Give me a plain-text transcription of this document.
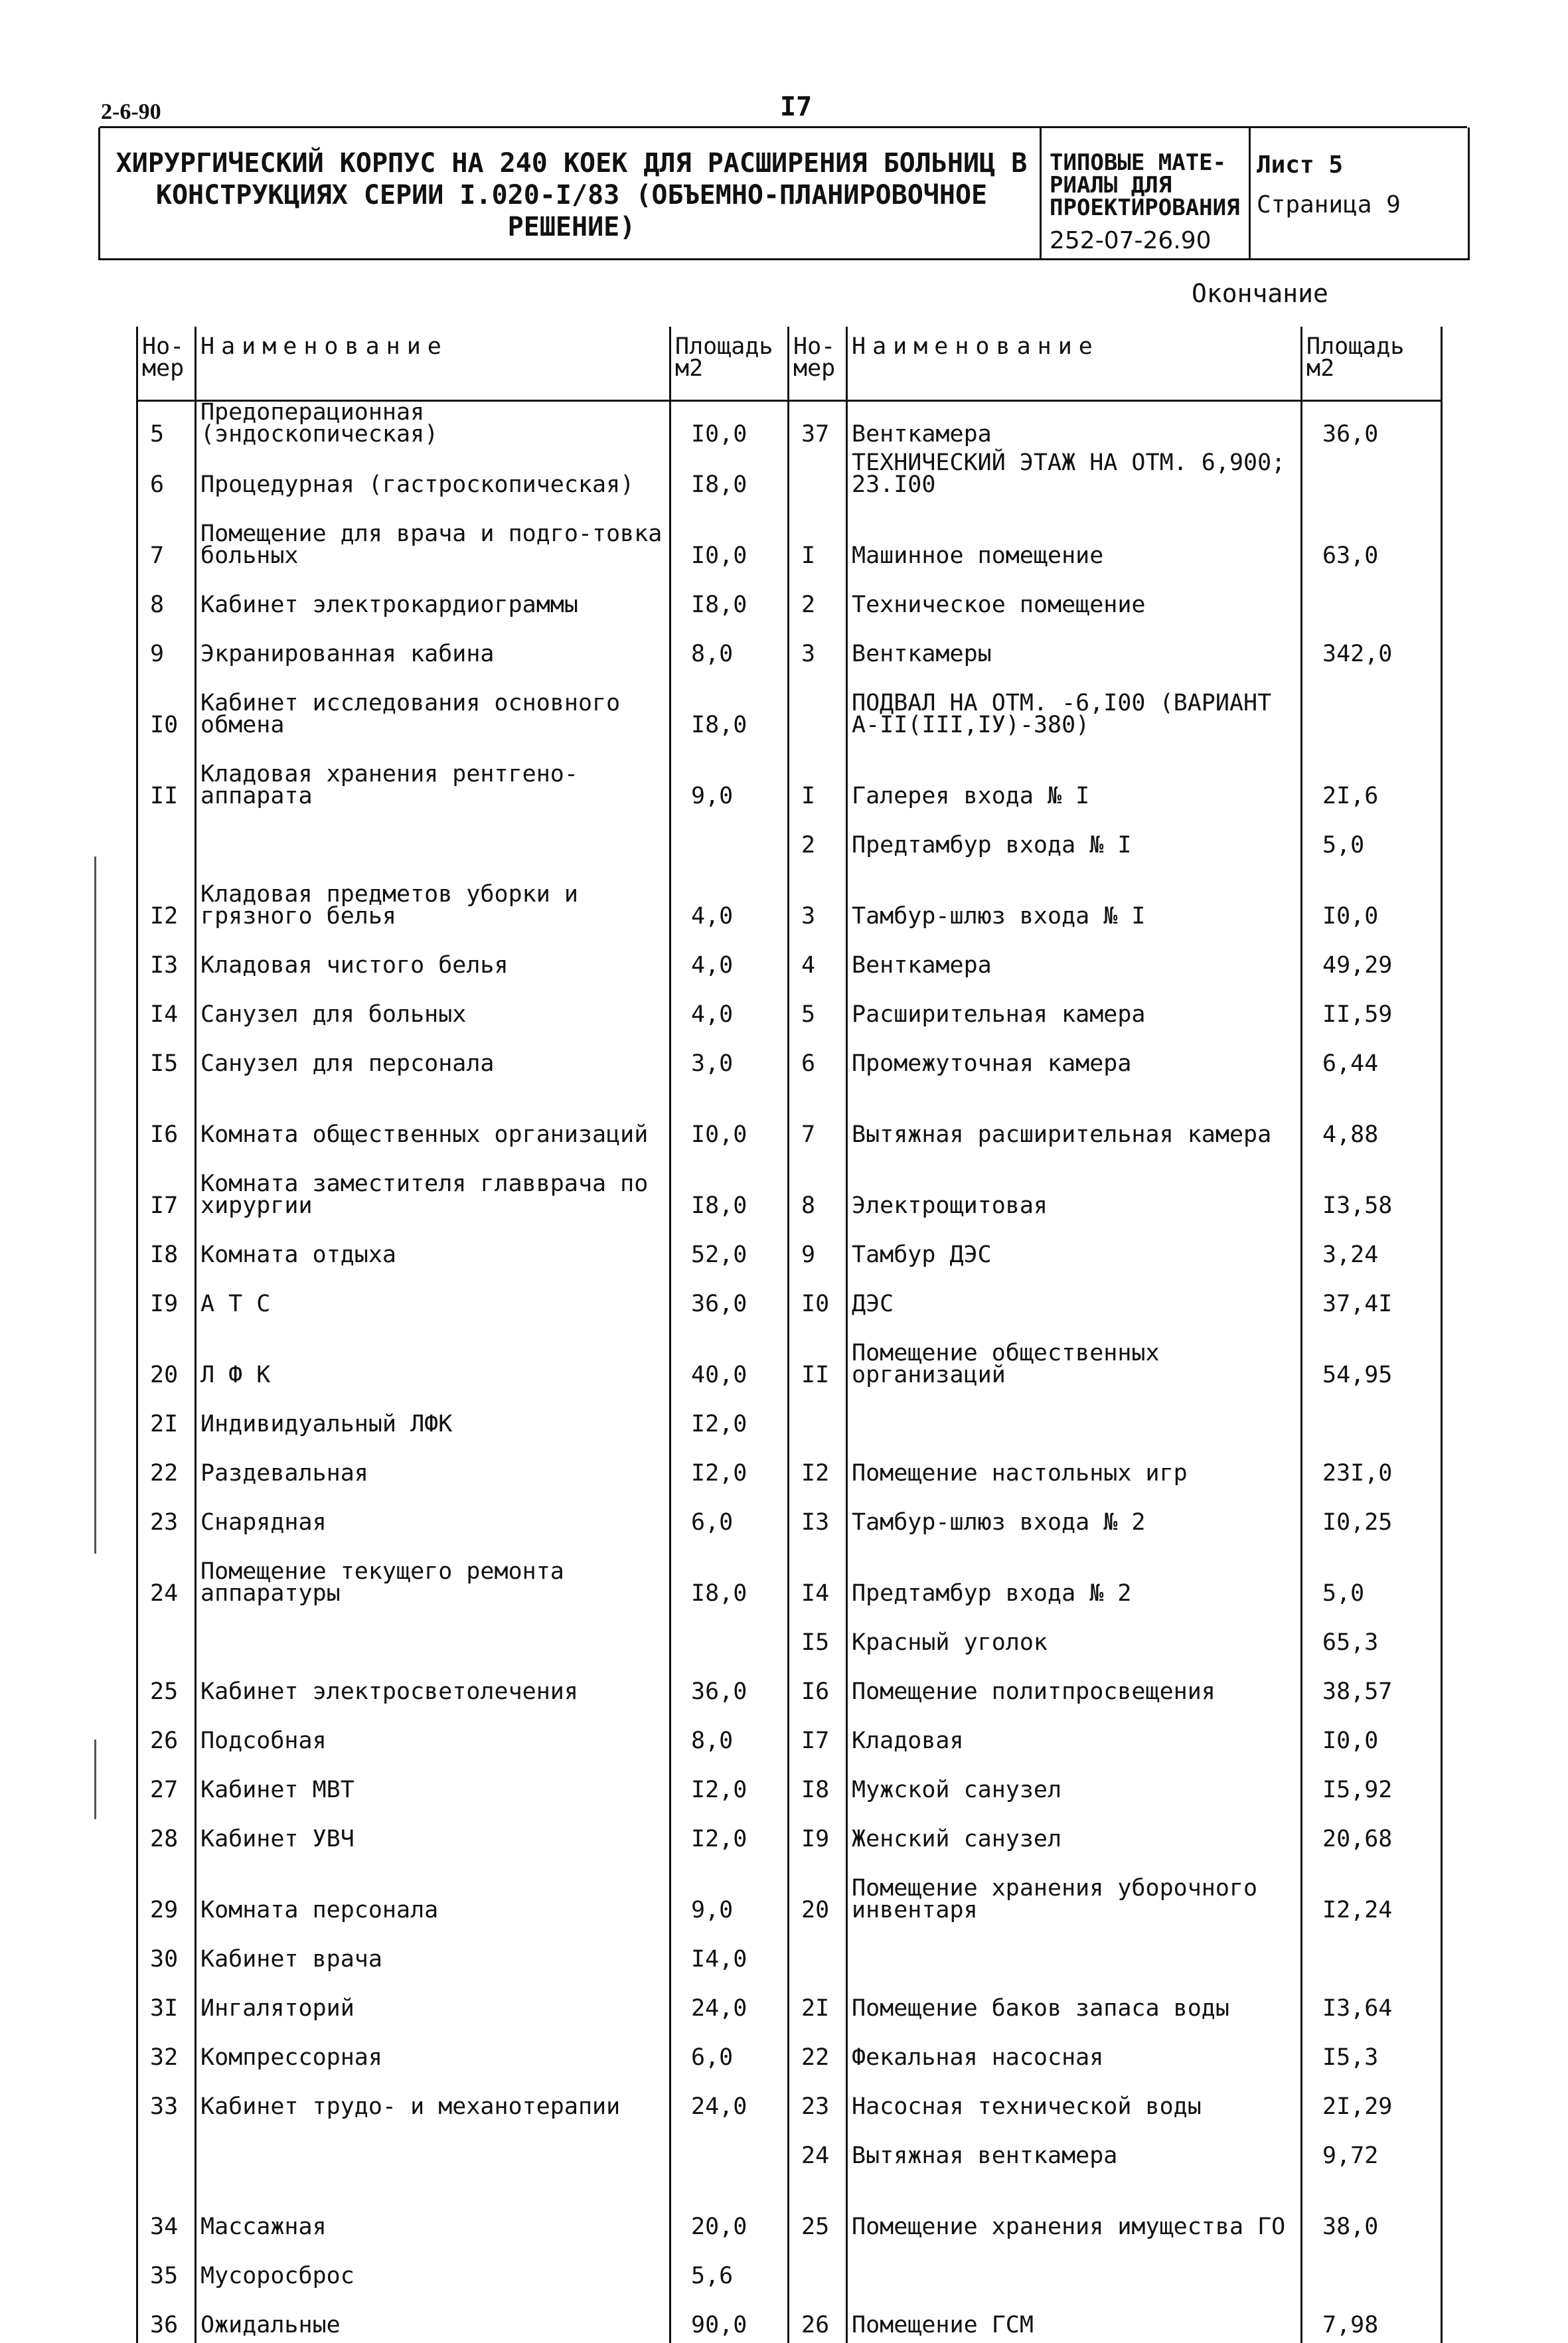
2-6-90	I7
ХИРУРГИЧЕСКИЙ КОРПУС НА 240 КОЕК ДЛЯ РАСШИРЕНИЯ БОЛЬНИЦ В КОНСТРУКЦИЯХ СЕРИИ I.020-I/83 (ОБЪЕМНО-ПЛАНИРОВОЧНОЕ РЕШЕНИЕ)
ТИПОВЫЕ МАТЕ-РИАЛЫ ДЛЯ ПРОЕКТИРОВАНИЯ
252-07-26.90
Лист 5
Страница 9
Окончание
Но-мер	Наименование	Площадь м2	Но-мер	Наименование	Площадь м2
5	Предоперационная (эндоскопическая)	I0,0	37	Венткамера	36,0
6	Процедурная (гастроскопическая)	I8,0		ТЕХНИЧЕСКИЙ ЭТАЖ НА ОТМ. 6,900; 23.I00	
7	Помещение для врача и подго-товка больных	I0,0	I	Машинное помещение	63,0
8	Кабинет электрокардиограммы	I8,0	2	Техническое помещение	
9	Экранированная кабина	8,0	3	Венткамеры	342,0
I0	Кабинет исследования основного обмена	I8,0		ПОДВАЛ НА ОТМ. -6,I00 (ВАРИАНТ А-II(III,IУ)-380)	
II	Кладовая хранения рентгено-аппарата	9,0	I	Галерея входа № I	2I,6
			2	Предтамбур входа № I	5,0
I2	Кладовая предметов уборки и грязного белья	4,0	3	Тамбур-шлюз входа № I	I0,0
I3	Кладовая чистого белья	4,0	4	Венткамера	49,29
I4	Санузел для больных	4,0	5	Расширительная камера	II,59
I5	Санузел для персонала	3,0	6	Промежуточная камера	6,44
I6	Комната общественных организаций	I0,0	7	Вытяжная расширительная камера	4,88
I7	Комната заместителя главврача по хирургии	I8,0	8	Электрощитовая	I3,58
I8	Комната отдыха	52,0	9	Тамбур ДЭС	3,24
I9	А Т С	36,0	I0	ДЭС	37,4I
20	Л Ф К	40,0	II	Помещение общественных организаций	54,95
2I	Индивидуальный ЛФК	I2,0			
22	Раздевальная	I2,0	I2	Помещение настольных игр	23I,0
23	Снарядная	6,0	I3	Тамбур-шлюз входа № 2	I0,25
24	Помещение текущего ремонта аппаратуры	I8,0	I4	Предтамбур входа № 2	5,0
			I5	Красный уголок	65,3
25	Кабинет электросветолечения	36,0	I6	Помещение политпросвещения	38,57
26	Подсобная	8,0	I7	Кладовая	I0,0
27	Кабинет МВТ	I2,0	I8	Мужской санузел	I5,92
28	Кабинет УВЧ	I2,0	I9	Женский санузел	20,68
29	Комната персонала	9,0	20	Помещение хранения уборочного инвентаря	I2,24
30	Кабинет врача	I4,0			
3I	Ингаляторий	24,0	2I	Помещение баков запаса воды	I3,64
32	Компрессорная	6,0	22	Фекальная насосная	I5,3
33	Кабинет трудо- и механотерапии	24,0	23	Насосная технической воды	2I,29
			24	Вытяжная венткамера	9,72
34	Массажная	20,0	25	Помещение хранения имущества ГО	38,0
35	Мусоросброс	5,6			
36	Ожидальные	90,0	26	Помещение ГСМ	7,98
